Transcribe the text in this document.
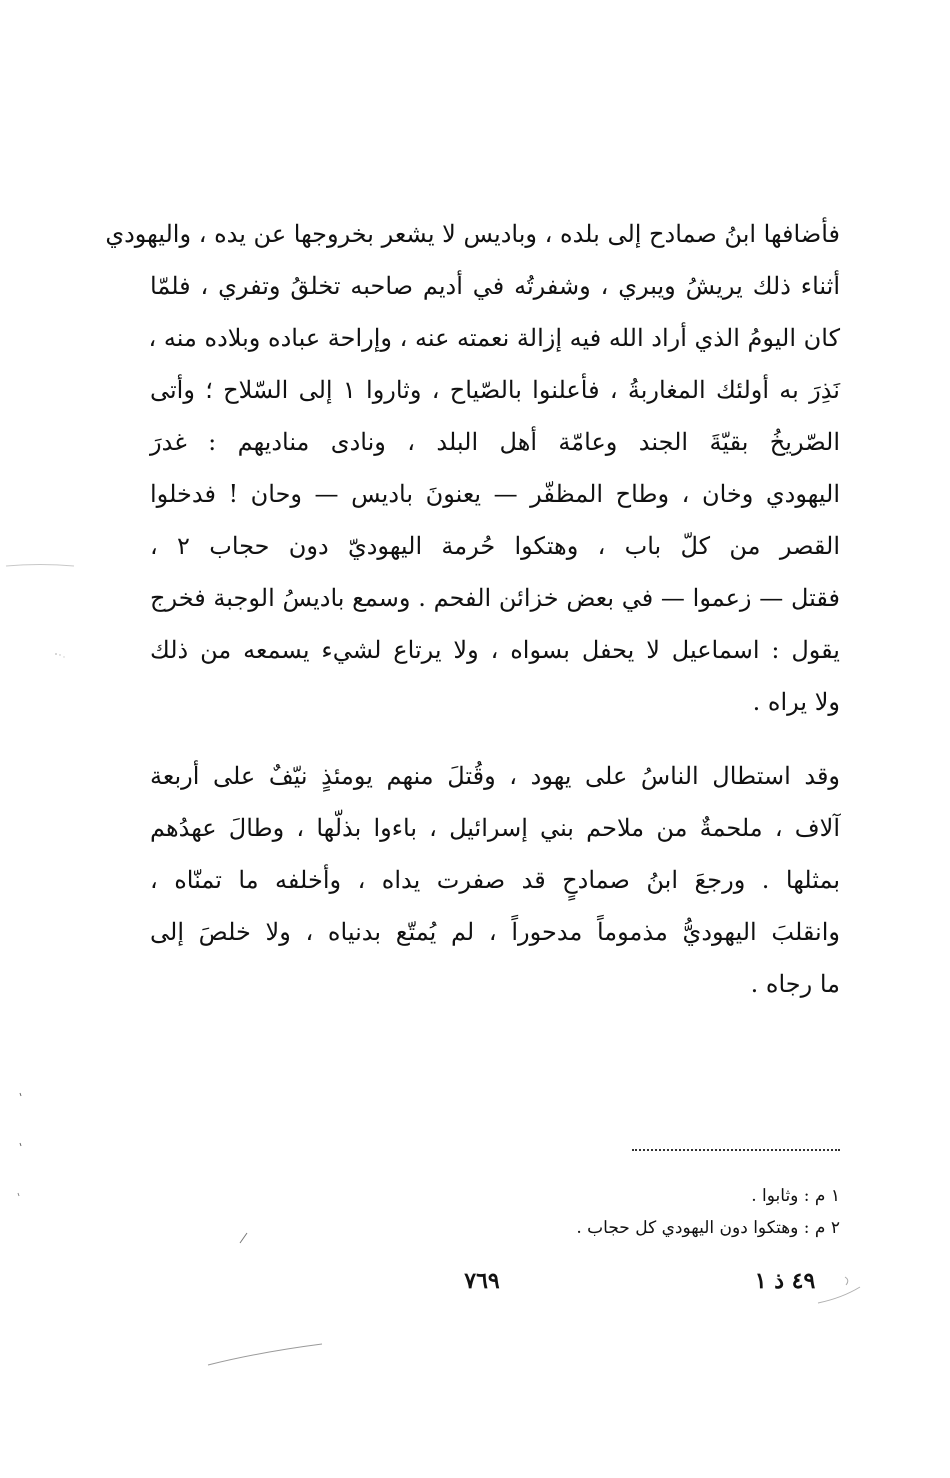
فأضافها ابنُ صمادح إلى بلده ، وباديس لا يشعر بخروجها عن يده ، واليهودي
أثناء ذلك يريشُ ويبري ، وشفرتُه في أديم صاحبه تخلقُ وتفري ، فلمّا
كان اليومُ الذي أراد الله فيه إزالة نعمته عنه ، وإراحة عباده وبلاده منه ،
نَذِرَ به أولئك المغاربةُ ، فأعلنوا بالصّياح ، وثاروا ١ إلى السّلاح ؛ وأتى
الصّريخُ بقيّةَ الجند وعامّة أهل البلد ، ونادى مناديهم : غدرَ
اليهودي وخان ، وطاح المظفّر — يعنونَ باديس — وحان ! فدخلوا
القصر من كلّ باب ، وهتكوا حُرمة اليهوديّ دون حجاب ٢ ،
فقتل — زعموا — في بعض خزائن الفحم . وسمع باديسُ الوجبة فخرج
يقول : اسماعيل لا يحفل بسواه ، ولا يرتاع لشيء يسمعه من ذلك
ولا يراه .
وقد استطال الناسُ على يهود ، وقُتلَ منهم يومئذٍ نيّفٌ على أربعة
آلاف ، ملحمةٌ من ملاحم بني إسرائيل ، باءوا بذلّها ، وطالَ عهدُهم
بمثلها . ورجعَ ابنُ صمادحٍ قد صفرت يداه ، وأخلفه ما تمنّاه ،
وانقلبَ اليهوديُّ مذموماً مدحوراً ، لم يُمتّع بدنياه ، ولا خلصَ إلى
ما رجاه .
١ م : وثابوا .
٢ م : وهتكوا دون اليهودي كل حجاب .
٧٦٩	٤٩ ذ ١
